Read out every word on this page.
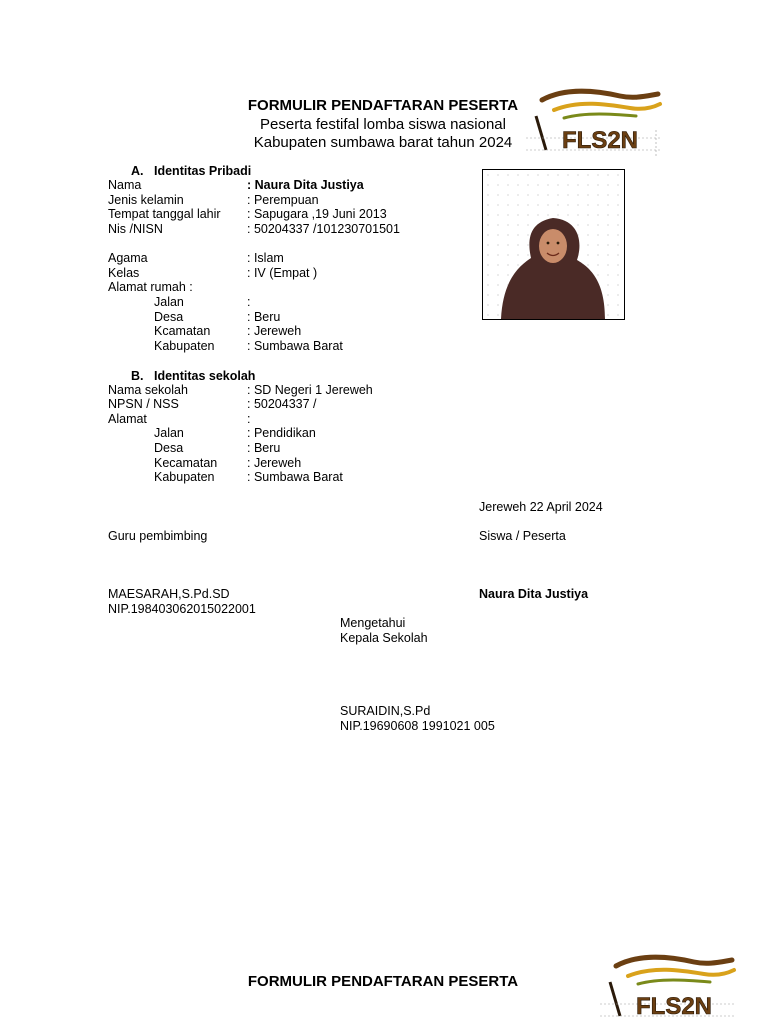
FORMULIR PENDAFTARAN PESERTA
Peserta festifal lomba siswa nasional
Kabupaten sumbawa barat tahun 2024	FLS2N
A. Identitas Pribadi
Nama	: Naura Dita Justiya
Jenis kelamin	: Perempuan
Tempat tanggal lahir : Sapugara ,19 Juni 2013
Nis /NISN	: 50204337 /101230701501
Agama	: Islam
Kelas	: IV (Empat )
Alamat rumah :
Jalan	:
Desa	: Beru
Kcamatan	: Jereweh
Kabupaten	: Sumbawa Barat
B. Identitas sekolah
Nama sekolah	: SD Negeri 1 Jereweh
NPSN / NSS	: 50204337 /
Alamat	:
Jalan	: Pendidikan
Desa	: Beru
Kecamatan : Jereweh
Kabupaten	: Sumbawa Barat
Jereweh 22 April 2024
Guru pembimbing	Siswa / Peserta
MAESARAH,S.Pd.SD	Naura Dita Justiya
NIP.198403062015022001
Mengetahui
Kepala Sekolah
SURAIDIN,S.Pd
NIP.19690608 1991021 005
FORMULIR PENDAFTARAN PESERTA
FLS2N
